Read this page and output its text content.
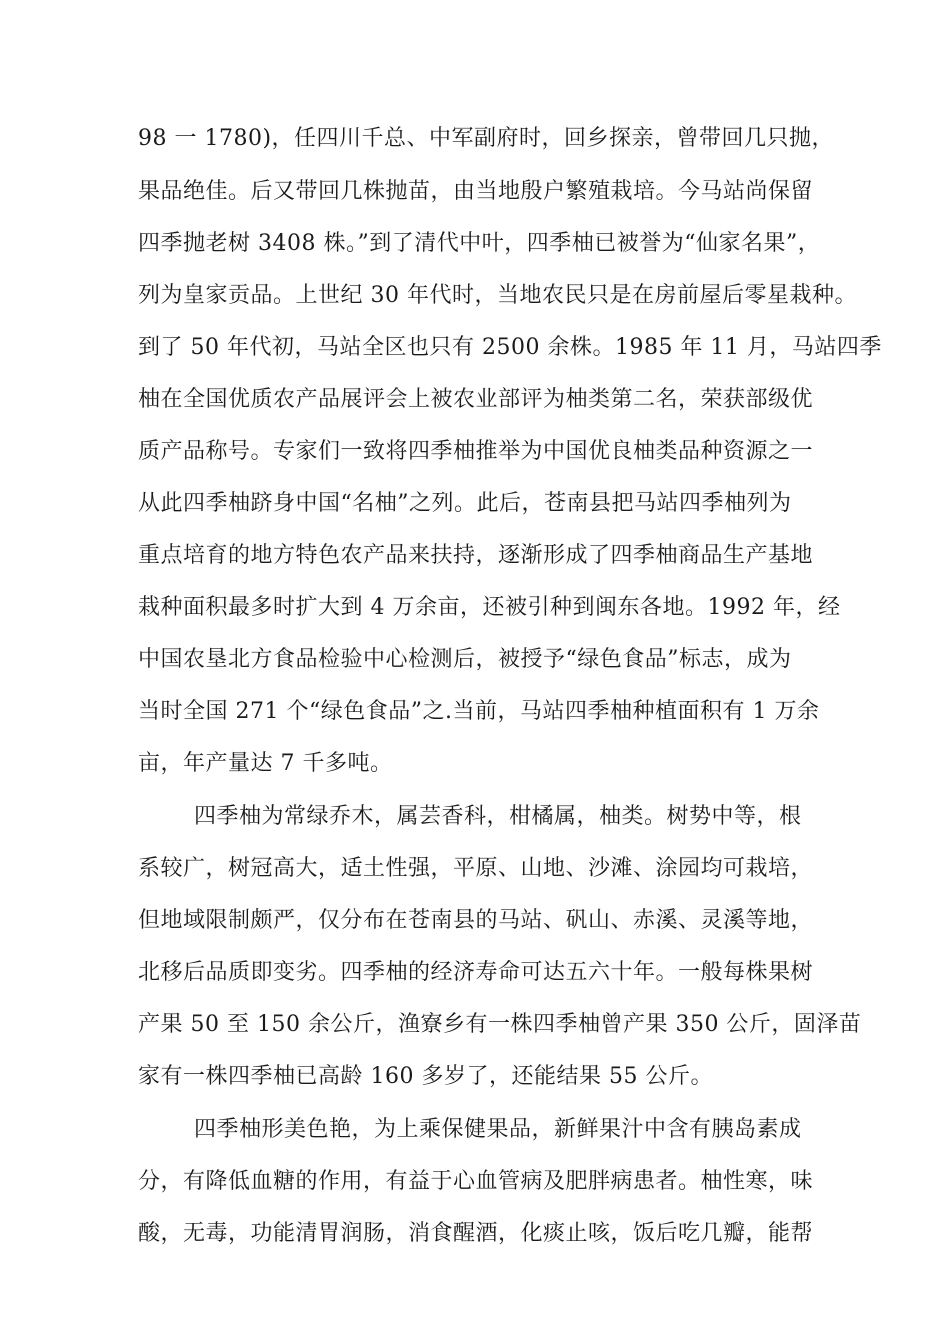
98 一 1780)，任四川千总、中军副府时，回乡探亲，曾带回几只抛，
果品绝佳。后又带回几株抛苗，由当地殷户繁殖栽培。今马站尚保留
四季抛老树 3408 株。”到了清代中叶，四季柚已被誉为“仙家名果”，
列为皇家贡品。上世纪 30 年代时，当地农民只是在房前屋后零星栽种。
到了 50 年代初，马站全区也只有 2500 余株。1985 年 11 月，马站四季
柚在全国优质农产品展评会上被农业部评为柚类第二名，荣获部级优
质产品称号。专家们一致将四季柚推举为中国优良柚类品种资源之一
从此四季柚跻身中国“名柚”之列。此后，苍南县把马站四季柚列为
重点培育的地方特色农产品来扶持，逐渐形成了四季柚商品生产基地
栽种面积最多时扩大到 4 万余亩，还被引种到闽东各地。1992 年，经
中国农垦北方食品检验中心检测后，被授予“绿色食品”标志，成为
当时全国 271 个“绿色食品”之.当前，马站四季柚种植面积有 1 万余
亩，年产量达 7 千多吨。
四季柚为常绿乔木，属芸香科，柑橘属，柚类。树势中等，根
系较广，树冠高大，适土性强，平原、山地、沙滩、涂园均可栽培，
但地域限制颇严，仅分布在苍南县的马站、矾山、赤溪、灵溪等地，
北移后品质即变劣。四季柚的经济寿命可达五六十年。一般每株果树
产果 50 至 150 余公斤，渔寮乡有一株四季柚曾产果 350 公斤，固泽苗
家有一株四季柚已高龄 160 多岁了，还能结果 55 公斤。
四季柚形美色艳，为上乘保健果品，新鲜果汁中含有胰岛素成
分，有降低血糖的作用，有益于心血管病及肥胖病患者。柚性寒，味
酸，无毒，功能清胃润肠，消食醒酒，化痰止咳，饭后吃几瓣，能帮
